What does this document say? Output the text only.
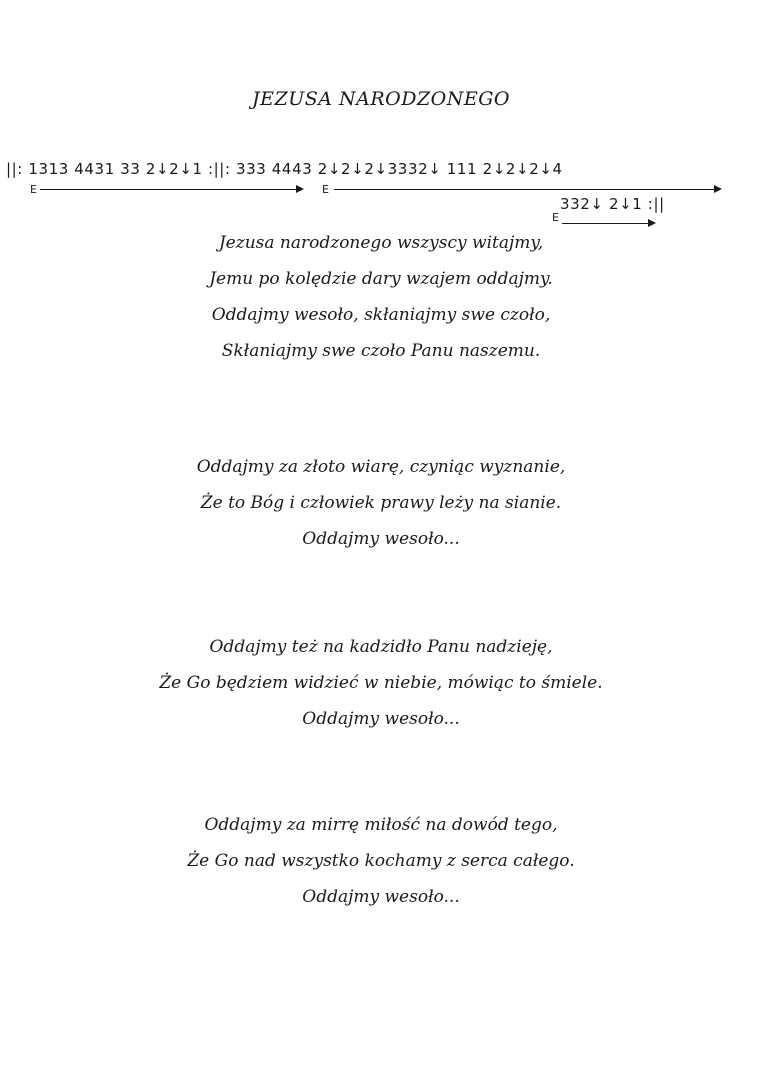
JEZUSA NARODZONEGO
||: 1313 4431 33 2↓2↓1 :||: 333 4443 2↓2↓2↓3332↓ 111 2↓2↓2↓4
E	E
332↓ 2↓1 :||
E
Jezusa narodzonego wszyscy witajmy,
Jemu po kolędzie dary wzajem oddajmy.
Oddajmy wesoło, skłaniajmy swe czoło,
Skłaniajmy swe czoło Panu naszemu.
Oddajmy za złoto wiarę, czyniąc wyznanie,
Że to Bóg i człowiek prawy leży na sianie.
Oddajmy wesoło...
Oddajmy też na kadzidło Panu nadzieję,
Że Go będziem widzieć w niebie, mówiąc to śmiele.
Oddajmy wesoło...
Oddajmy za mirrę miłość na dowód tego,
Że Go nad wszystko kochamy z serca całego.
Oddajmy wesoło...
